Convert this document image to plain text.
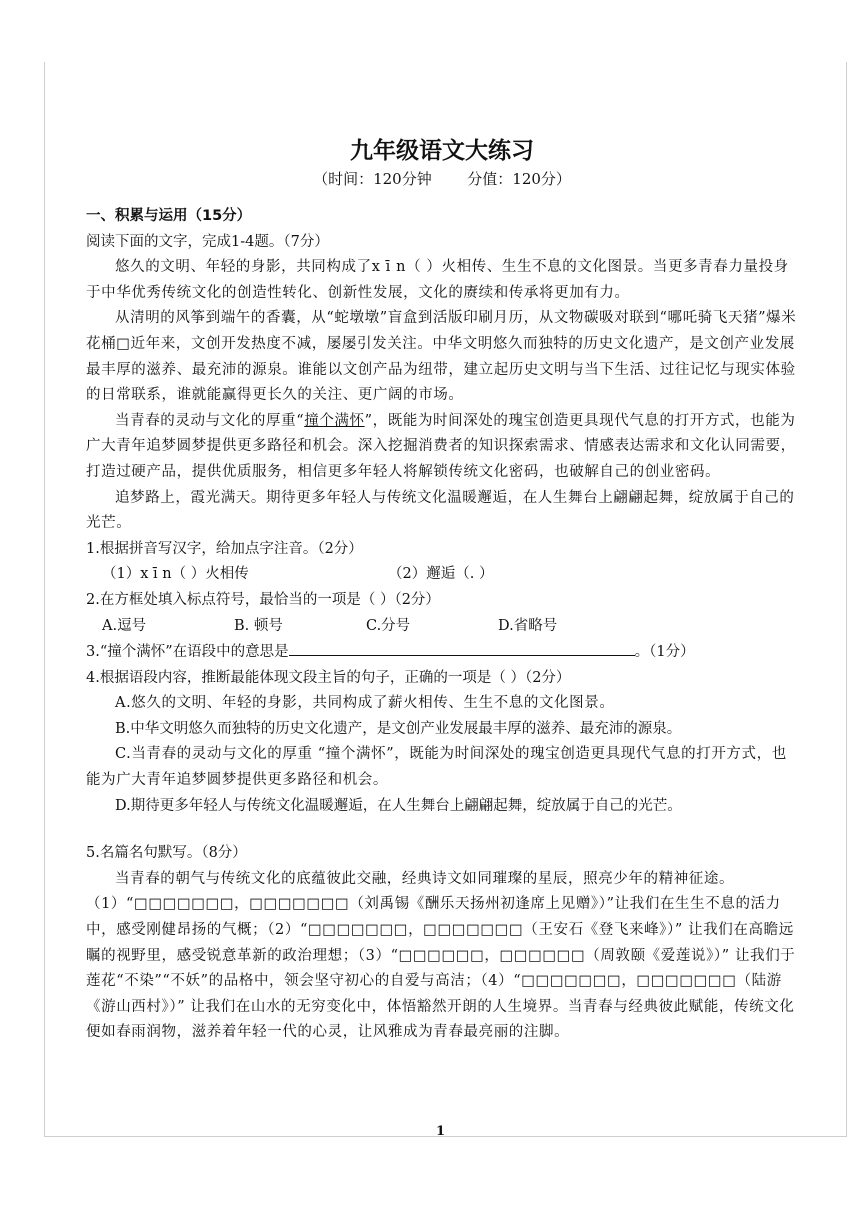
九年级语文大练习
（时间：120分钟 分值：120分）
一、积累与运用（15分）
阅读下面的文字，完成1-4题。（7分）
悠久的文明、年轻的身影，共同构成了x ī n（ ）火相传、生生不息的文化图景。当更多青春力量投身于中华优秀传统文化的创造性转化、创新性发展，文化的赓续和传承将更加有力。
从清明的风筝到端午的香囊，从“蛇墩墩”盲盒到活版印刷月历，从文物碳吸对联到“哪吒骑飞天猪”爆米花桶□近年来，文创开发热度不减，屡屡引发关注。中华文明悠久而独特的历史文化遗产，是文创产业发展最丰厚的滋养、最充沛的源泉。谁能以文创产品为纽带，建立起历史文明与当下生活、过往记忆与现实体验的日常联系，谁就能赢得更长久的关注、更广阔的市场。
当青春的灵动与文化的厚重“撞个满怀”，既能为时间深处的瑰宝创造更具现代气息的打开方式，也能为广大青年追梦圆梦提供更多路径和机会。深入挖掘消费者的知识探索需求、情感表达需求和文化认同需要，打造过硬产品，提供优质服务，相信更多年轻人将解锁传统文化密码，也破解自己的创业密码。
追梦路上，霞光满天。期待更多年轻人与传统文化温暖邂逅，在人生舞台上翩翩起舞，绽放属于自己的光芒。
1.根据拼音写汉字，给加点字注音。（2分）
（1）x ī n（ ）火相传	（2）邂逅（. ）
2.在方框处填入标点符号，最恰当的一项是（ ）（2分）
A.逗号	B. 顿号	C.分号	D.省略号
3.“撞个满怀”在语段中的意思是	。（1分）
4.根据语段内容，推断最能体现文段主旨的句子，正确的一项是（ ）（2分）
A.悠久的文明、年轻的身影，共同构成了薪火相传、生生不息的文化图景。
B.中华文明悠久而独特的历史文化遗产，是文创产业发展最丰厚的滋养、最充沛的源泉。
C.当青春的灵动与文化的厚重 “撞个满怀”，既能为时间深处的瑰宝创造更具现代气息的打开方式，也能为广大青年追梦圆梦提供更多路径和机会。
D.期待更多年轻人与传统文化温暖邂逅，在人生舞台上翩翩起舞，绽放属于自己的光芒。
5.名篇名句默写。（8分）
当青春的朝气与传统文化的底蕴彼此交融，经典诗文如同璀璨的星辰，照亮少年的精神征途。（1）“□□□□□□□，□□□□□□□（刘禹锡《酬乐天扬州初逢席上见赠》）”让我们在生生不息的活力中，感受刚健昂扬的气概；（2）“□□□□□□□，□□□□□□□（王安石《登飞来峰》）” 让我们在高瞻远瞩的视野里，感受锐意革新的政治理想；（3）“□□□□□□，□□□□□□（周敦颐《爱莲说》）” 让我们于莲花“不染”“不妖”的品格中，领会坚守初心的自爱与高洁；（4）“□□□□□□□，□□□□□□□（陆游《游山西村》）” 让我们在山水的无穷变化中，体悟豁然开朗的人生境界。当青春与经典彼此赋能，传统文化便如春雨润物，滋养着年轻一代的心灵，让风雅成为青春最亮丽的注脚。
1
